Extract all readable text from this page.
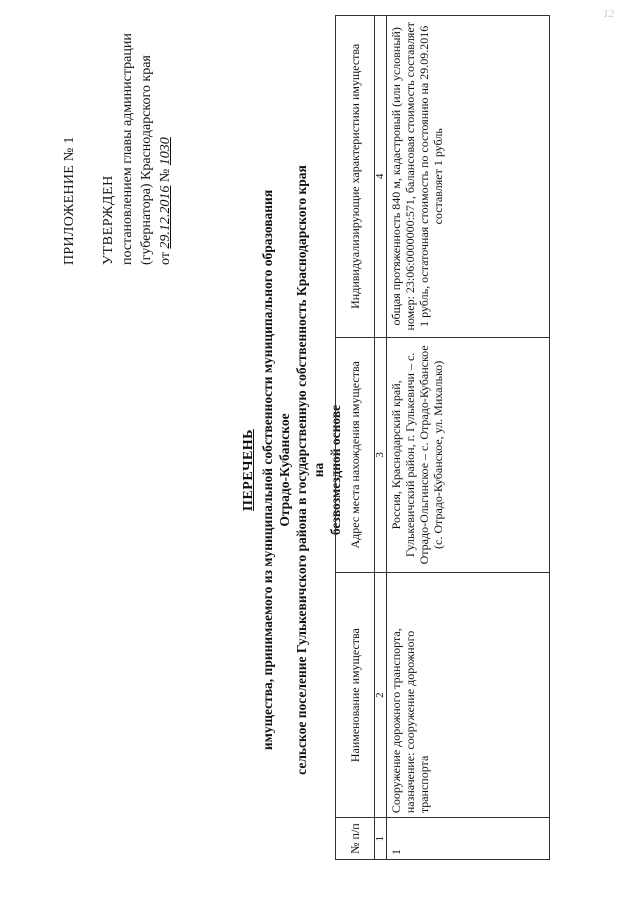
12
ПРИЛОЖЕНИЕ № 1 УТВЕРЖДЕН постановлением главы администрации (губернатора) Краснодарского края от 29.12.2016 № 1030
ПЕРЕЧЕНЬ имущества, принимаемого из муниципальной собственности муниципального образования Отрадо-Кубанское сельское поселение Гулькевичского района в государственную собственность Краснодарского края на безвозмездной основе
№ п/п	Наименование имущества	Адрес места нахождения имущества	Индивидуализирующие характеристики имущества
1	2	3	4
1	Сооружение дорожного транспорта, назначение: сооружение дорожного транспорта	Россия, Краснодарский край, Гулькевичский район, г. Гулькевичи – с. Отрадо-Ольгинское – с. Отрадо-Кубанское (с. Отрадо-Кубанское, ул. Михалько)	общая протяженность 840 м, кадастровый (или условный) номер: 23:06:0000000:571, балансовая стоимость составляет 1 рубль, остаточная стоимость по состоянию на 29.09.2016 составляет 1 рубль
